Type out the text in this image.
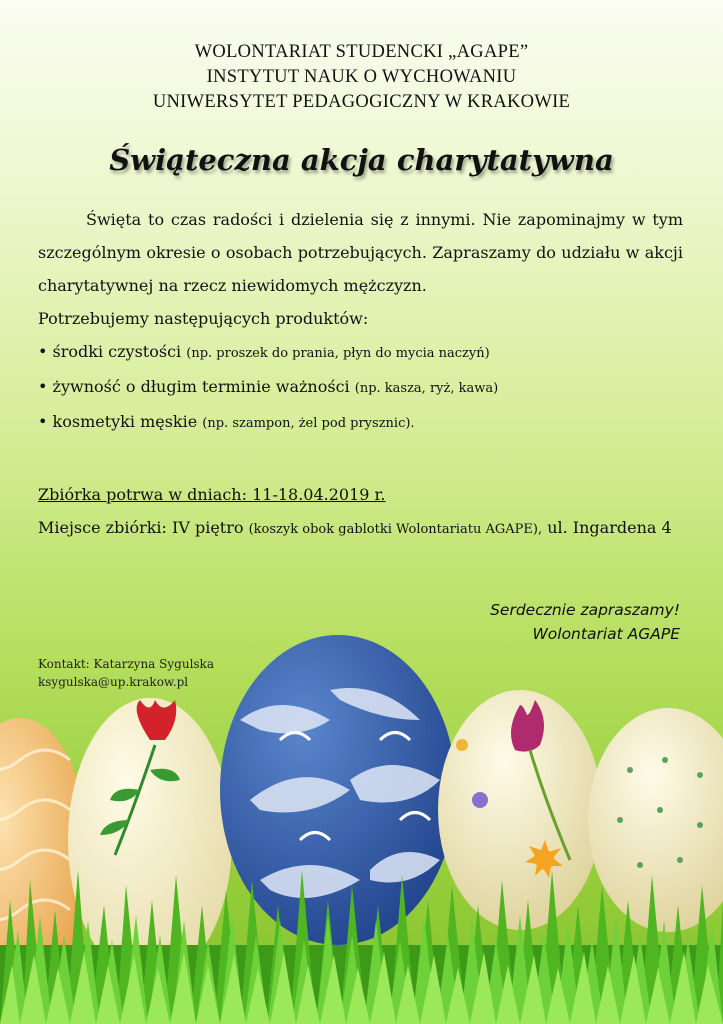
WOLONTARIAT STUDENCKI „AGAPE”
INSTYTUT NAUK O WYCHOWANIU
UNIWERSYTET PEDAGOGICZNY W KRAKOWIE
Świąteczna akcja charytatywna

Święta to czas radości i dzielenia się z innymi. Nie zapominajmy w tym szczególnym okresie o osobach potrzebujących. Zapraszamy do udziału w akcji charytatywnej na rzecz niewidomych mężczyzn.

Potrzebujemy następujących produktów:

• środki czystości (np. proszek do prania, płyn do mycia naczyń)
• żywność o długim terminie ważności (np. kasza, ryż, kawa)
• kosmetyki męskie (np. szampon, żel pod prysznic).

Zbiórka potrwa w dniach: 11-18.04.2019 r.

Miejsce zbiórki: IV piętro (koszyk obok gablotki Wolontariatu AGAPE), ul. Ingardena 4

Serdecznie zapraszamy!
Wolontariat AGAPE
Kontakt: Katarzyna Sygulska
ksygulska@up.krakow.pl
